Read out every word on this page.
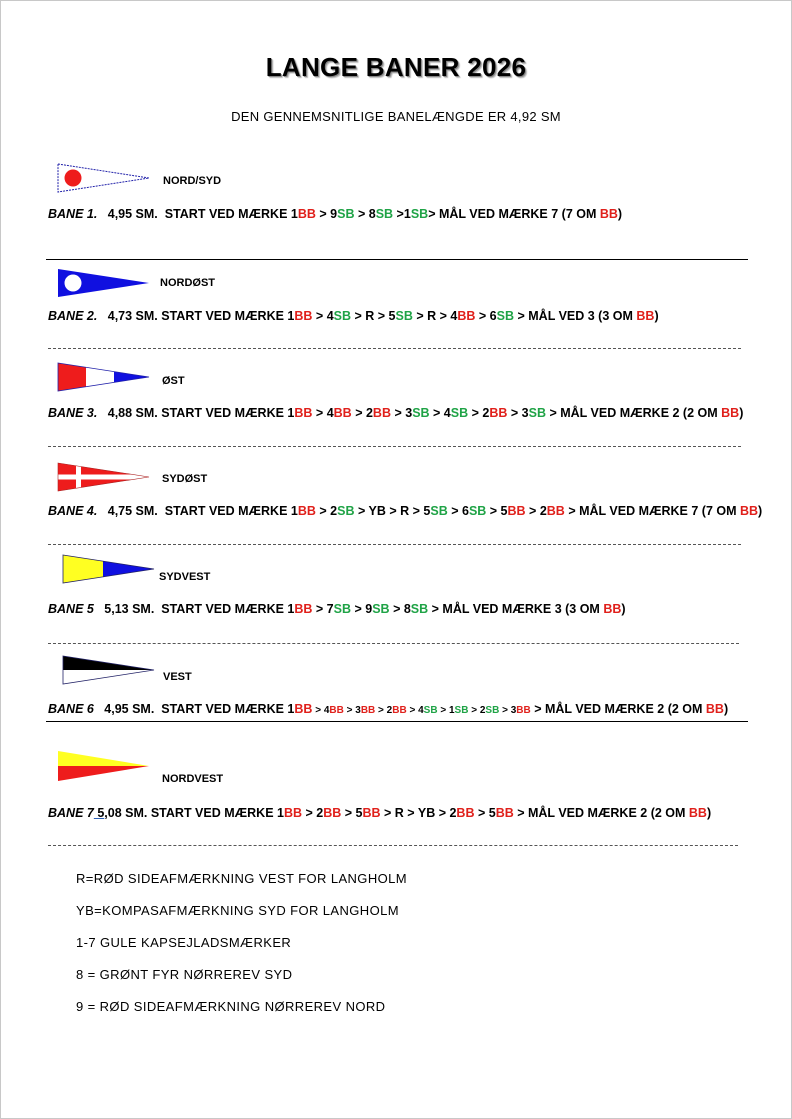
LANGE BANER 2026
DEN GENNEMSNITLIGE BANELÆNGDE ER 4,92 SM
NORD/SYD
BANE 1. 4,95 SM. START VED MÆRKE 1BB > 9SB > 8SB >1SB> MÅL VED MÆRKE 7 (7 OM BB)
NORDØST
BANE 2. 4,73 SM. START VED MÆRKE 1BB > 4SB > R > 5SB > R > 4BB > 6SB > MÅL VED 3 (3 OM BB)
ØST
BANE 3. 4,88 SM. START VED MÆRKE 1BB > 4BB > 2BB > 3SB > 4SB > 2BB > 3SB > MÅL VED MÆRKE 2 (2 OM BB)
SYDØST
BANE 4. 4,75 SM. START VED MÆRKE 1BB > 2SB > YB > R > 5SB > 6SB > 5BB > 2BB > MÅL VED MÆRKE 7 (7 OM BB)
SYDVEST
BANE 5 5,13 SM. START VED MÆRKE 1BB > 7SB > 9SB > 8SB > MÅL VED MÆRKE 3 (3 OM BB)
VEST
BANE 6 4,95 SM. START VED MÆRKE 1BB > 4BB > 3BB > 2BB > 4SB > 1SB > 2SB > 3BB > MÅL VED MÆRKE 2 (2 OM BB)
NORDVEST
BANE 7 5,08 SM. START VED MÆRKE 1BB > 2BB > 5BB > R > YB > 2BB > 5BB > MÅL VED MÆRKE 2 (2 OM BB)
R=RØD SIDEAFMÆRKNING VEST FOR LANGHOLM
YB=KOMPASAFMÆRKNING SYD FOR LANGHOLM
1-7 GULE KAPSEJLADSMÆRKER
8 = GRØNT FYR NØRREREV SYD
9 = RØD SIDEAFMÆRKNING NØRREREV NORD
